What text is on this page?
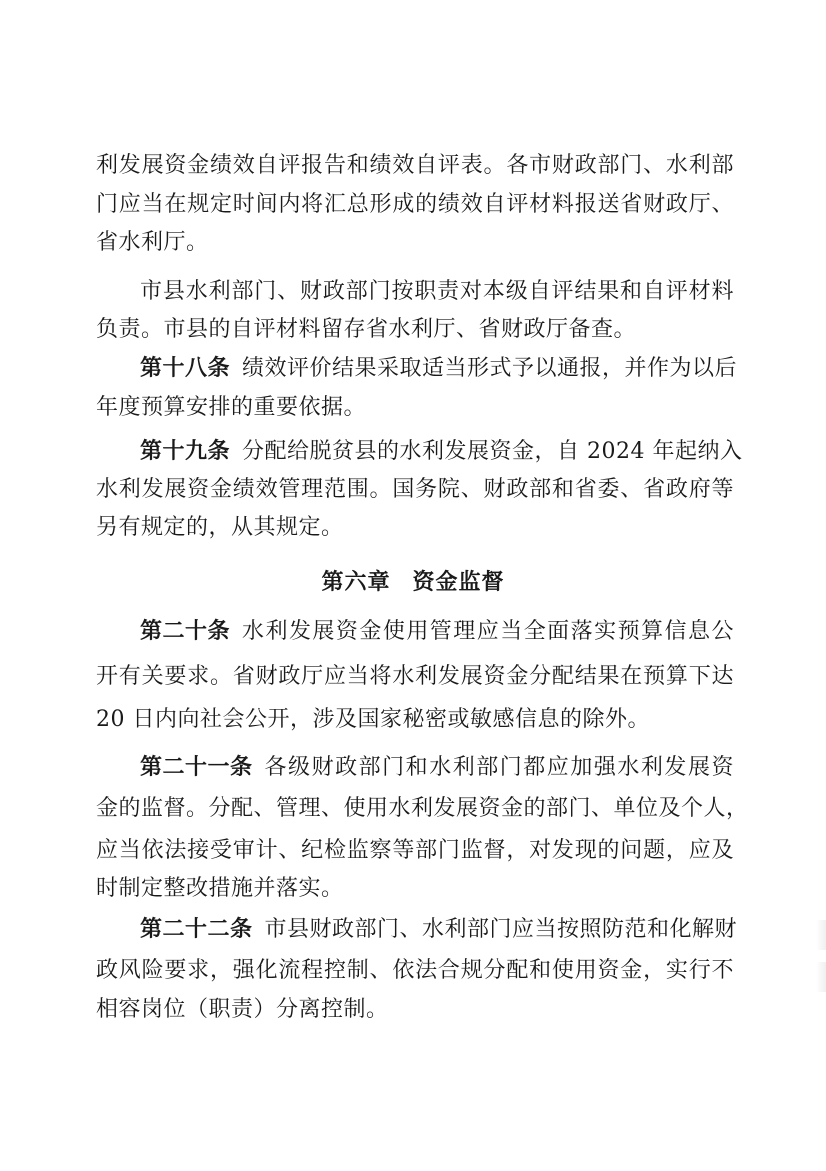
利发展资金绩效自评报告和绩效自评表。各市财政部门、水利部
门应当在规定时间内将汇总形成的绩效自评材料报送省财政厅、
省水利厅。
市县水利部门、财政部门按职责对本级自评结果和自评材料
负责。市县的自评材料留存省水利厅、省财政厅备查。
第十八条 绩效评价结果采取适当形式予以通报，并作为以后
年度预算安排的重要依据。
第十九条 分配给脱贫县的水利发展资金，自 2024 年起纳入
水利发展资金绩效管理范围。国务院、财政部和省委、省政府等
另有规定的，从其规定。
第六章 资金监督
第二十条 水利发展资金使用管理应当全面落实预算信息公
开有关要求。省财政厅应当将水利发展资金分配结果在预算下达
20 日内向社会公开，涉及国家秘密或敏感信息的除外。
第二十一条 各级财政部门和水利部门都应加强水利发展资
金的监督。分配、管理、使用水利发展资金的部门、单位及个人，
应当依法接受审计、纪检监察等部门监督，对发现的问题，应及
时制定整改措施并落实。
第二十二条 市县财政部门、水利部门应当按照防范和化解财
政风险要求，强化流程控制、依法合规分配和使用资金，实行不
相容岗位（职责）分离控制。
